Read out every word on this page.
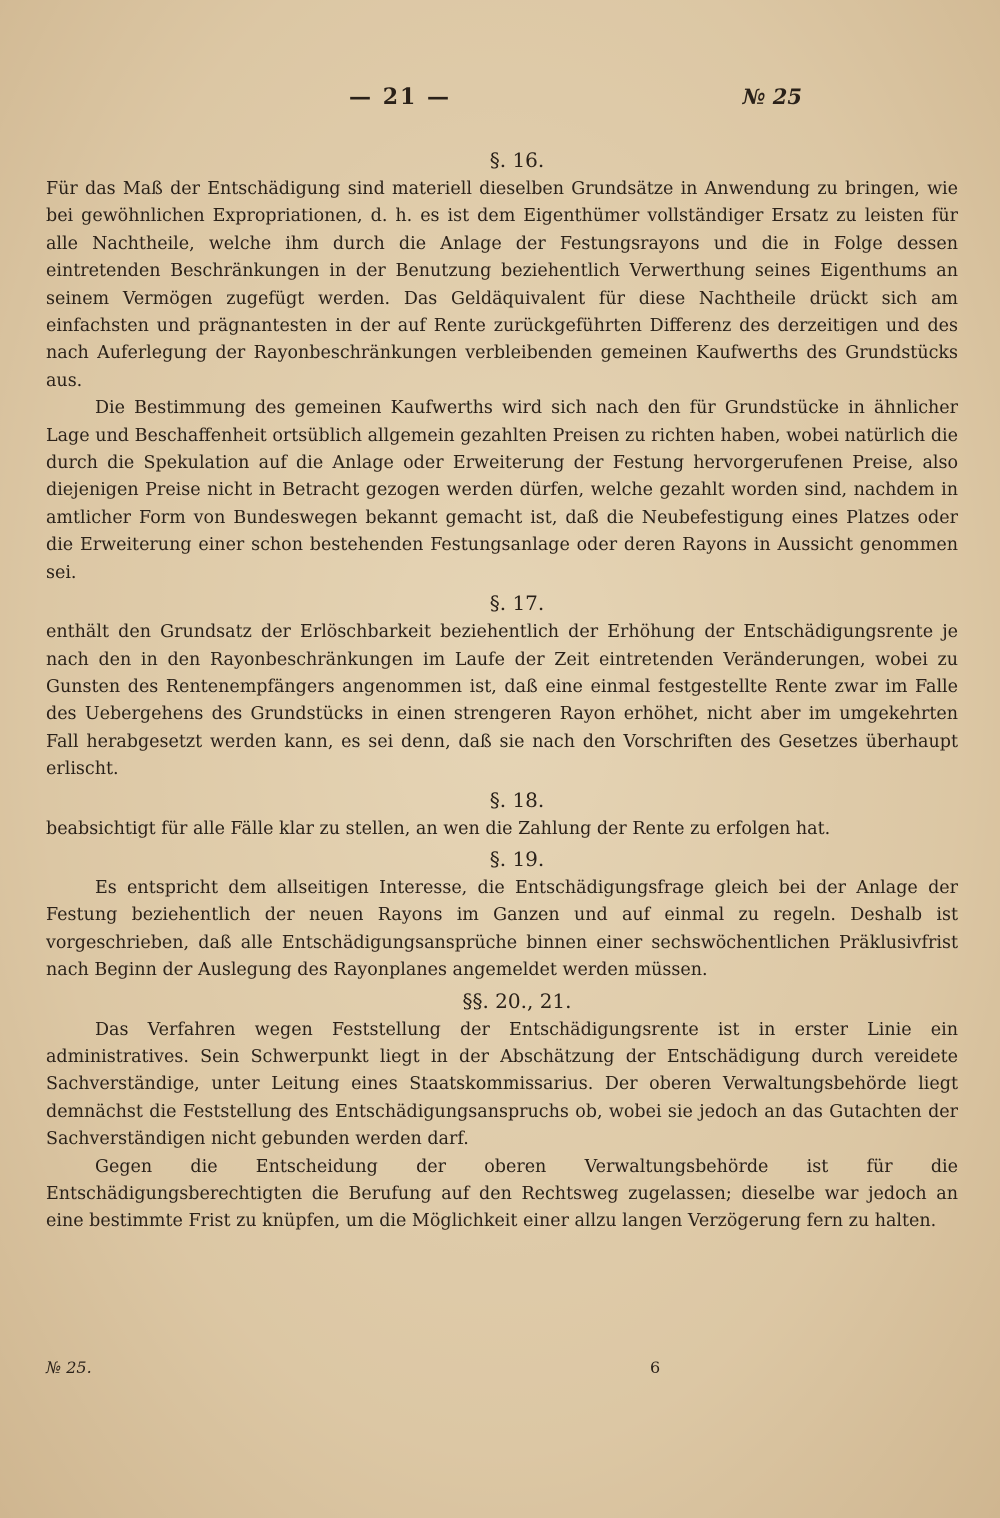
— 21 —	№ 25
§. 16.

Für das Maß der Entschädigung sind materiell dieselben Grundsätze in Anwendung zu bringen, wie bei gewöhnlichen Expropriationen, d. h. es ist dem Eigenthümer vollständiger Ersatz zu leisten für alle Nachtheile, welche ihm durch die Anlage der Festungsrayons und die in Folge dessen eintretenden Beschränkungen in der Benutzung beziehentlich Verwerthung seines Eigenthums an seinem Vermögen zugefügt werden. Das Geldäquivalent für diese Nachtheile drückt sich am einfachsten und prägnantesten in der auf Rente zurückgeführten Differenz des derzeitigen und des nach Auferlegung der Rayonbeschränkungen verbleibenden gemeinen Kaufwerths des Grundstücks aus.

Die Bestimmung des gemeinen Kaufwerths wird sich nach den für Grundstücke in ähnlicher Lage und Beschaffenheit ortsüblich allgemein gezahlten Preisen zu richten haben, wobei natürlich die durch die Spekulation auf die Anlage oder Erweiterung der Festung hervorgerufenen Preise, also diejenigen Preise nicht in Betracht gezogen werden dürfen, welche gezahlt worden sind, nachdem in amtlicher Form von Bundeswegen bekannt gemacht ist, daß die Neubefestigung eines Platzes oder die Erweiterung einer schon bestehenden Festungsanlage oder deren Rayons in Aussicht genommen sei.

§. 17.

enthält den Grundsatz der Erlöschbarkeit beziehentlich der Erhöhung der Entschädigungsrente je nach den in den Rayonbeschränkungen im Laufe der Zeit eintretenden Veränderungen, wobei zu Gunsten des Rentenempfängers angenommen ist, daß eine einmal festgestellte Rente zwar im Falle des Uebergehens des Grundstücks in einen strengeren Rayon erhöhet, nicht aber im umgekehrten Fall herabgesetzt werden kann, es sei denn, daß sie nach den Vorschriften des Gesetzes überhaupt erlischt.

§. 18.

beabsichtigt für alle Fälle klar zu stellen, an wen die Zahlung der Rente zu erfolgen hat.

§. 19.

Es entspricht dem allseitigen Interesse, die Entschädigungsfrage gleich bei der Anlage der Festung beziehentlich der neuen Rayons im Ganzen und auf einmal zu regeln. Deshalb ist vorgeschrieben, daß alle Entschädigungsansprüche binnen einer sechswöchentlichen Präklusivfrist nach Beginn der Auslegung des Rayonplanes angemeldet werden müssen.

§§. 20., 21.

Das Verfahren wegen Feststellung der Entschädigungsrente ist in erster Linie ein administratives. Sein Schwerpunkt liegt in der Abschätzung der Entschädigung durch vereidete Sachverständige, unter Leitung eines Staatskommissarius. Der oberen Verwaltungsbehörde liegt demnächst die Feststellung des Entschädigungsanspruchs ob, wobei sie jedoch an das Gutachten der Sachverständigen nicht gebunden werden darf.

Gegen die Entscheidung der oberen Verwaltungsbehörde ist für die Entschädigungsberechtigten die Berufung auf den Rechtsweg zugelassen; dieselbe war jedoch an eine bestimmte Frist zu knüpfen, um die Möglichkeit einer allzu langen Verzögerung fern zu halten.

№ 25.	6
